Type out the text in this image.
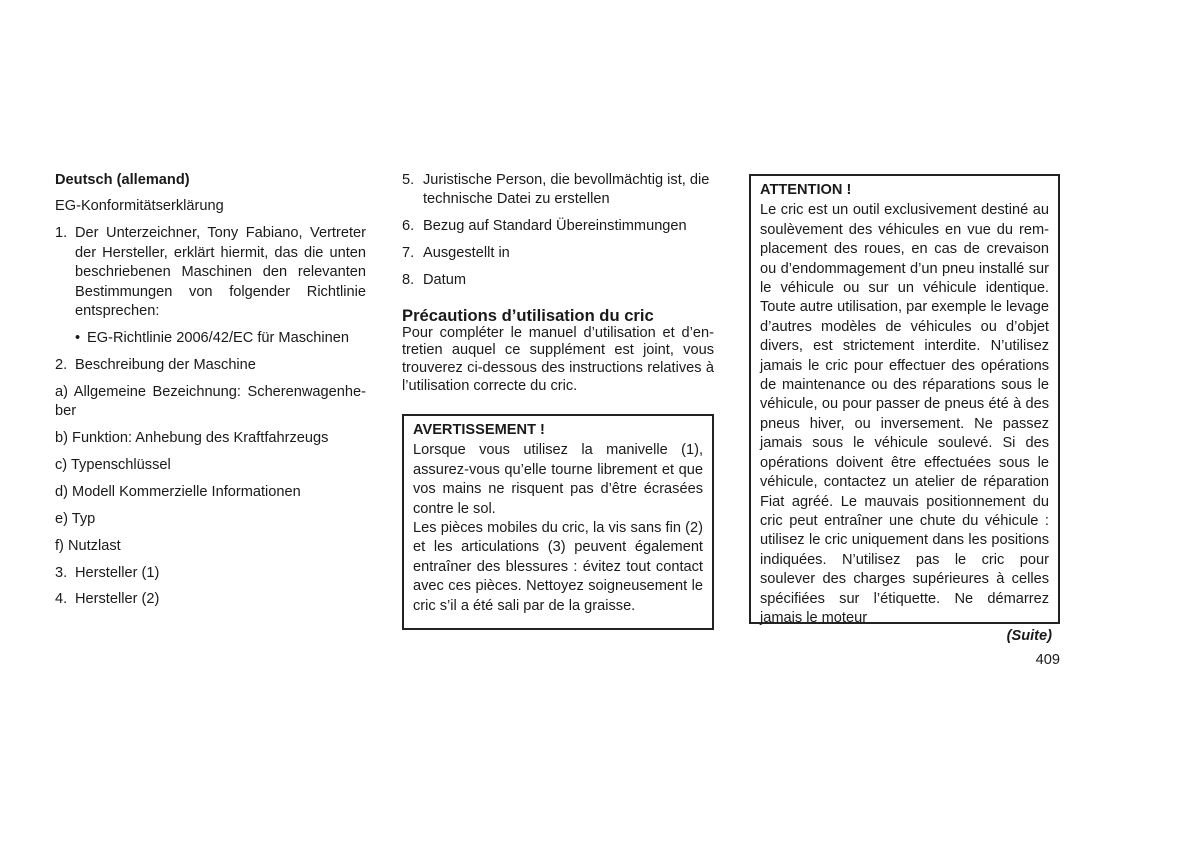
Deutsch (allemand)
EG-Konformitätserklärung
1. Der Unterzeichner, Tony Fabiano, Vertreter der Hersteller, erklärt hiermit, das die unten beschriebenen Maschinen den relevanten Bestimmungen von folgender Richtlinie entsprechen:
• EG-Richtlinie 2006/42/EC für Maschinen
2. Beschreibung der Maschine
a) Allgemeine Bezeichnung: Scherenwagenhe-ber
b) Funktion: Anhebung des Kraftfahrzeugs
c) Typenschlüssel
d) Modell Kommerzielle Informationen
e) Typ
f) Nutzlast
3. Hersteller (1)
4. Hersteller (2)
5. Juristische Person, die bevollmächtig ist, die technische Datei zu erstellen
6. Bezug auf Standard Übereinstimmungen
7. Ausgestellt in
8. Datum
Précautions d’utilisation du cric
Pour compléter le manuel d’utilisation et d’en-tretien auquel ce supplément est joint, vous trouverez ci-dessous des instructions relatives à l’utilisation correcte du cric.
AVERTISSEMENT !
Lorsque vous utilisez la manivelle (1), assurez-vous qu’elle tourne librement et que vos mains ne risquent pas d’être écrasées contre le sol.
Les pièces mobiles du cric, la vis sans fin (2) et les articulations (3) peuvent également entraîner des blessures : évitez tout contact avec ces pièces. Nettoyez soigneusement le cric s’il a été sali par de la graisse.
ATTENTION !
Le cric est un outil exclusivement destiné au soulèvement des véhicules en vue du rem-placement des roues, en cas de crevaison ou d’endommagement d’un pneu installé sur le véhicule ou sur un véhicule identique. Toute autre utilisation, par exemple le levage d’autres modèles de véhicules ou d’objet divers, est strictement interdite. N’utilisez jamais le cric pour effectuer des opérations de maintenance ou des réparations sous le véhicule, ou pour passer de pneus été à des pneus hiver, ou inversement. Ne passez jamais sous le véhicule soulevé. Si des opérations doivent être effectuées sous le véhicule, contactez un atelier de réparation Fiat agréé. Le mauvais positionnement du cric peut entraîner une chute du véhicule : utilisez le cric uniquement dans les positions indiquées. N’utilisez pas le cric pour soulever des charges supérieures à celles spécifiées sur l’étiquette. Ne démarrez jamais le moteur
(Suite)
409
